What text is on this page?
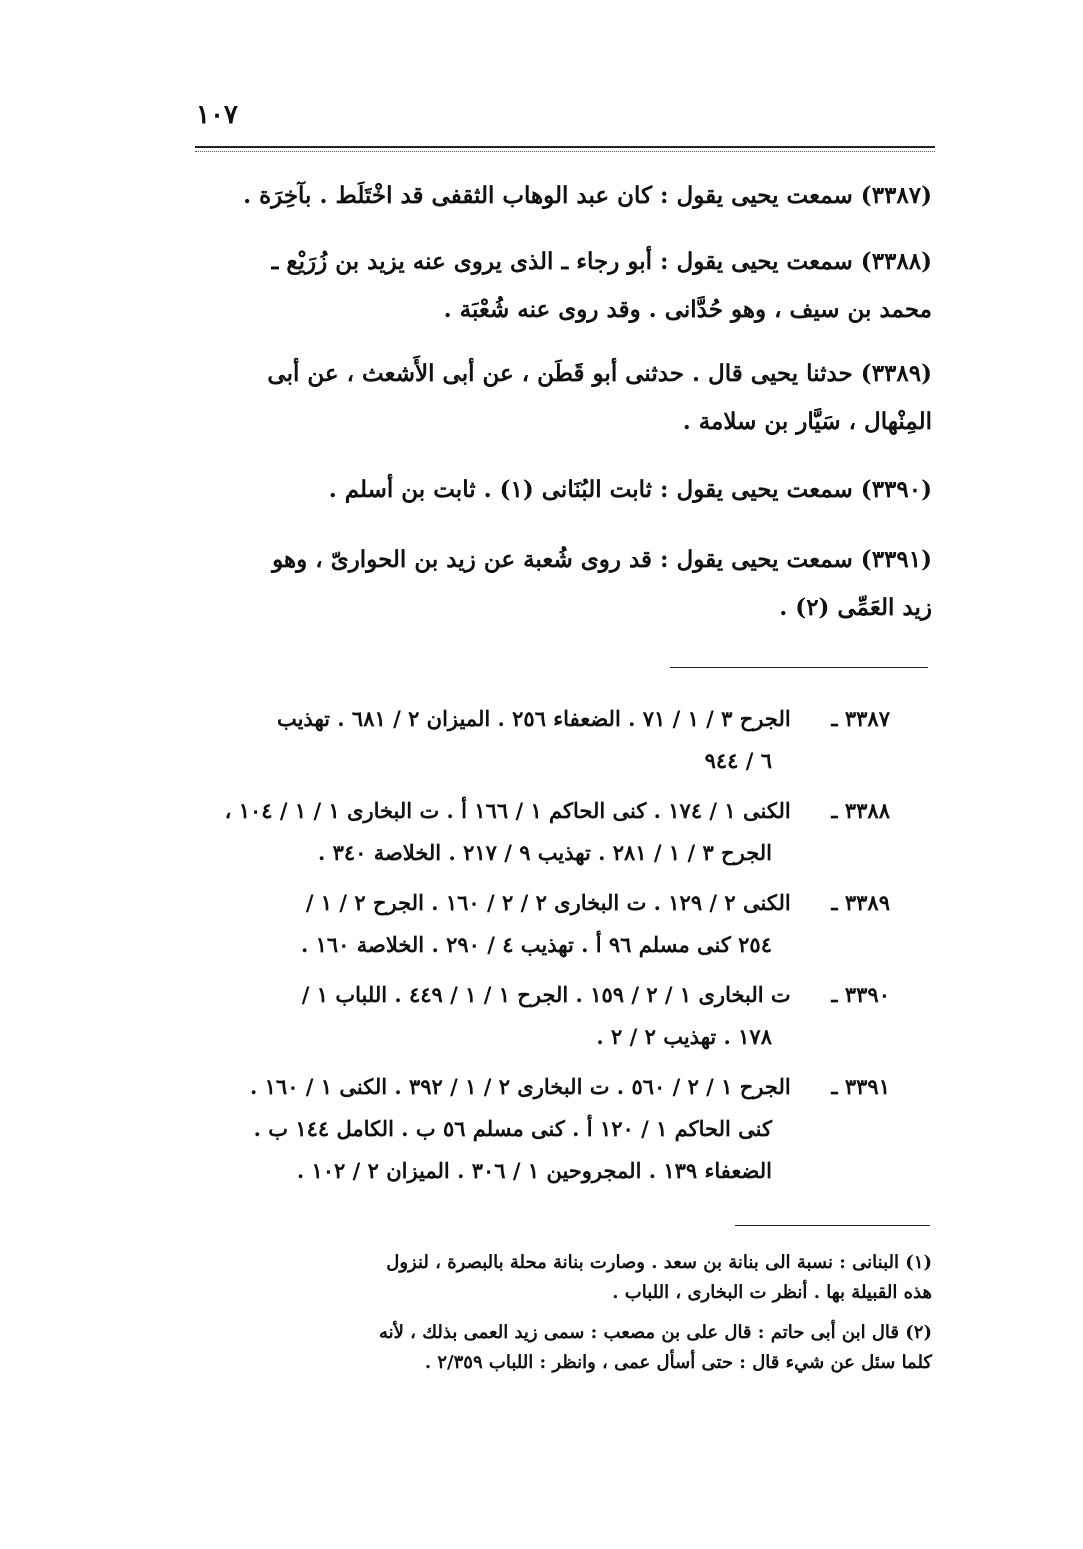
١٠٧

(٣٣٨٧) سمعت يحيى يقول : كان عبد الوهاب الثقفى قد اخْتَلَط . بآخِرَة .

(٣٣٨٨) سمعت يحيى يقول : أبو رجاء ـ الذى يروى عنه يزيد بن زُرَيْع ـ
محمد بن سيف ، وهو حُدَّانى . وقد روى عنه شُعْبَة .

(٣٣٨٩) حدثنا يحيى قال . حدثنى أبو قَطَن ، عن أبى الأَشعث ، عن أبى
المِنْهال ، سَيَّار بن سلامة .

(٣٣٩٠) سمعت يحيى يقول : ثابت البُنَانى (١) . ثابت بن أسلم .

(٣٣٩١) سمعت يحيى يقول : قد روى شُعبة عن زيد بن الحوارىّ ، وهو
زيد العَمِّى (٢) .

٣٣٨٧ ـ الجرح ٣ / ١ / ٧١ . الضعفاء ٢٥٦ . الميزان ٢ / ٦٨١ . تهذيب
٦ / ٩٤٤
٣٣٨٨ ـ الكنى ١ / ١٧٤ . كنى الحاكم ١ / ١٦٦ أ . ت البخارى ١ / ١ / ١٠٤ ،
الجرح ٣ / ١ / ٢٨١ . تهذيب ٩ / ٢١٧ . الخلاصة ٣٤٠ .
٣٣٨٩ ـ الكنى ٢ / ١٢٩ . ت البخارى ٢ / ٢ / ١٦٠ . الجرح ٢ / ١ /
٢٥٤ كنى مسلم ٩٦ أ . تهذيب ٤ / ٢٩٠ . الخلاصة ١٦٠ .
٣٣٩٠ ـ ت البخارى ١ / ٢ / ١٥٩ . الجرح ١ / ١ / ٤٤٩ . اللباب ١ /
١٧٨ . تهذيب ٢ / ٢ .
٣٣٩١ ـ الجرح ١ / ٢ / ٥٦٠ . ت البخارى ٢ / ١ / ٣٩٢ . الكنى ١ / ١٦٠ .
كنى الحاكم ١ / ١٢٠ أ . كنى مسلم ٥٦ ب . الكامل ١٤٤ ب .
الضعفاء ١٣٩ . المجروحين ١ / ٣٠٦ . الميزان ٢ / ١٠٢ .

(١) البنانى : نسبة الى بنانة بن سعد . وصارت بنانة محلة بالبصرة ، لنزول
هذه القبيلة بها . أنظر ت البخارى ، اللباب .

(٢) قال ابن أبى حاتم : قال على بن مصعب : سمى زيد العمى بذلك ، لأنه
كلما سئل عن شيء قال : حتى أسأل عمى ، وانظر : اللباب ٢/٣٥٩ .
